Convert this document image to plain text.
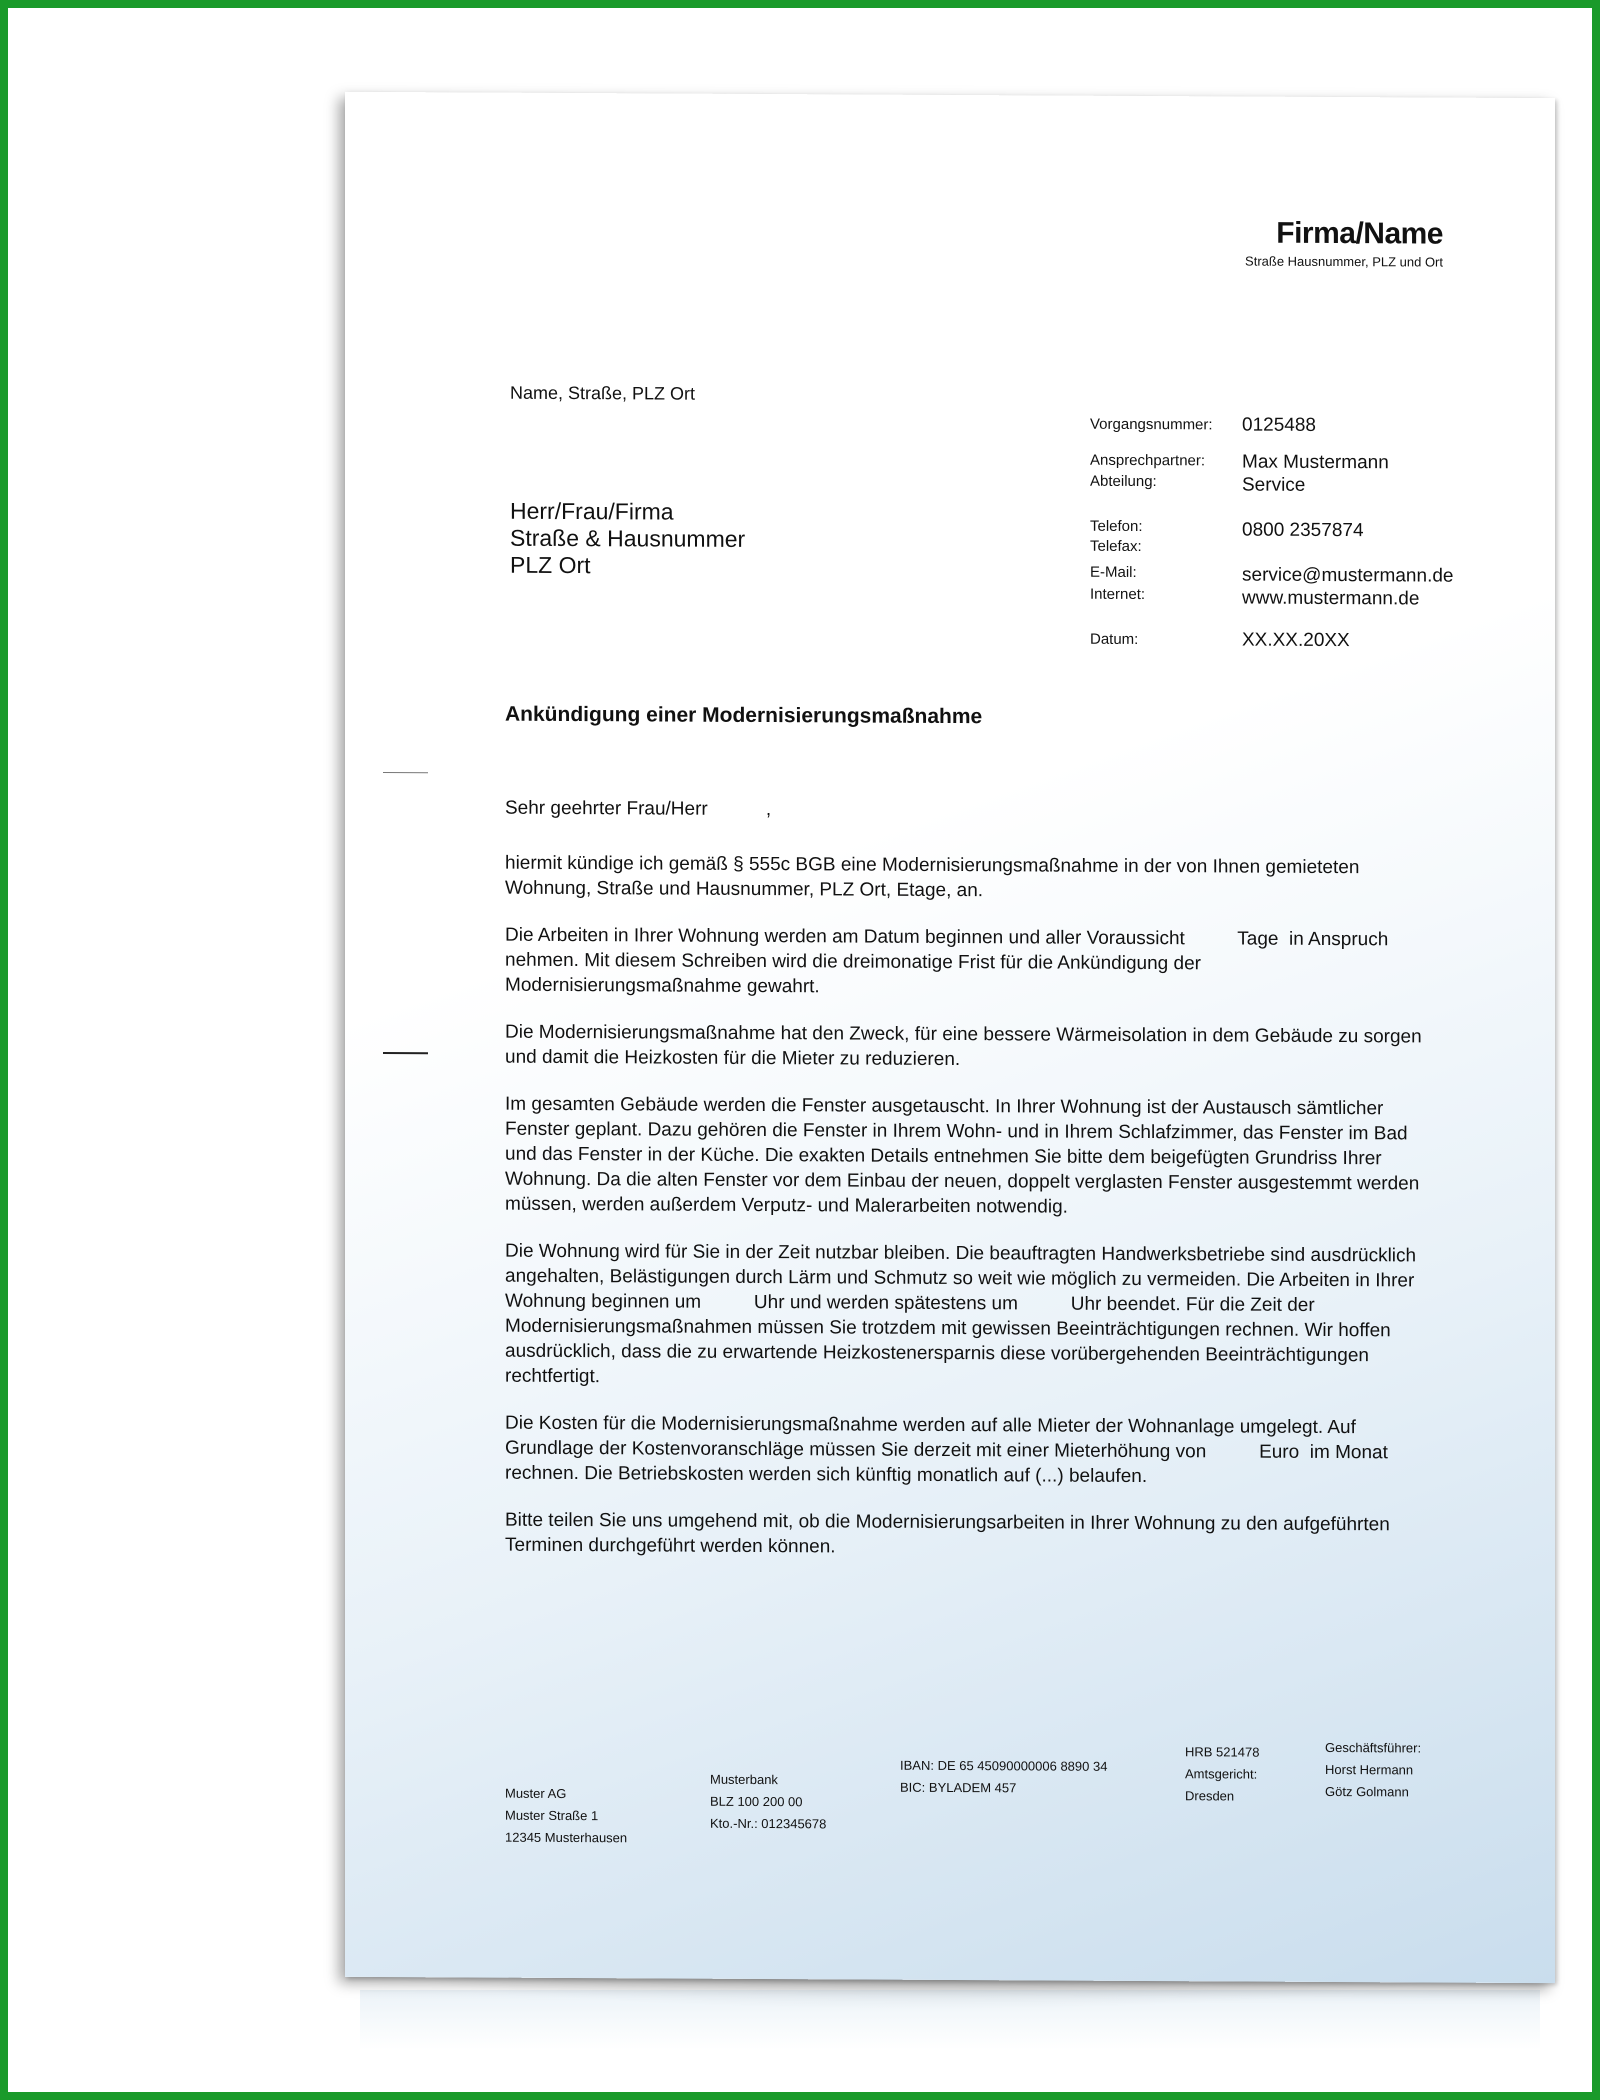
Firma/Name
Straße Hausnummer, PLZ und Ort
Name, Straße, PLZ Ort
Herr/Frau/Firma
Straße & Hausnummer
PLZ Ort
Vorgangsnummer: 0125488
Ansprechpartner: Max Mustermann
Abteilung:	Service
Telefon:	0800 2357874
Telefax:
E-Mail:	service@mustermann.de
Internet:	www.mustermann.de
Datum:	XX.XX.20XX
Ankündigung einer Modernisierungsmaßnahme
Sehr geehrter Frau/Herr           ,

hiermit kündige ich gemäß § 555c BGB eine Modernisierungsmaßnahme in der von Ihnen gemieteten Wohnung, Straße und Hausnummer, PLZ Ort, Etage, an.

Die Arbeiten in Ihrer Wohnung werden am Datum beginnen und aller Voraussicht          Tage  in Anspruch nehmen. Mit diesem Schreiben wird die dreimonatige Frist für die Ankündigung der Modernisierungsmaßnahme gewahrt.

Die Modernisierungsmaßnahme hat den Zweck, für eine bessere Wärmeisolation in dem Gebäude zu sorgen und damit die Heizkosten für die Mieter zu reduzieren.

Im gesamten Gebäude werden die Fenster ausgetauscht. In Ihrer Wohnung ist der Austausch sämtlicher Fenster geplant. Dazu gehören die Fenster in Ihrem Wohn- und in Ihrem Schlafzimmer, das Fenster im Bad und das Fenster in der Küche. Die exakten Details entnehmen Sie bitte dem beigefügten Grundriss Ihrer Wohnung. Da die alten Fenster vor dem Einbau der neuen, doppelt verglasten Fenster ausgestemmt werden müssen, werden außerdem Verputz- und Malerarbeiten notwendig.

Die Wohnung wird für Sie in der Zeit nutzbar bleiben. Die beauftragten Handwerksbetriebe sind ausdrücklich angehalten, Belästigungen durch Lärm und Schmutz so weit wie möglich zu vermeiden. Die Arbeiten in Ihrer Wohnung beginnen um          Uhr und werden spätestens um          Uhr beendet. Für die Zeit der Modernisierungsmaßnahmen müssen Sie trotzdem mit gewissen Beeinträchtigungen rechnen. Wir hoffen ausdrücklich, dass die zu erwartende Heizkostenersparnis diese vorübergehenden Beeinträchtigungen rechtfertigt.

Die Kosten für die Modernisierungsmaßnahme werden auf alle Mieter der Wohnanlage umgelegt. Auf Grundlage der Kostenvoranschläge müssen Sie derzeit mit einer Mieterhöhung von          Euro  im Monat rechnen. Die Betriebskosten werden sich künftig monatlich auf (...) belaufen.

Bitte teilen Sie uns umgehend mit, ob die Modernisierungsarbeiten in Ihrer Wohnung zu den aufgeführten Terminen durchgeführt werden können.

Muster AG
Muster Straße 1
12345 Musterhausen
Musterbank
BLZ 100 200 00
Kto.-Nr.: 012345678
IBAN: DE 65 45090000006 8890 34
BIC: BYLADEM 457
HRB 521478
Amtsgericht:
Dresden
Geschäftsführer:
Horst Hermann
Götz Golmann
